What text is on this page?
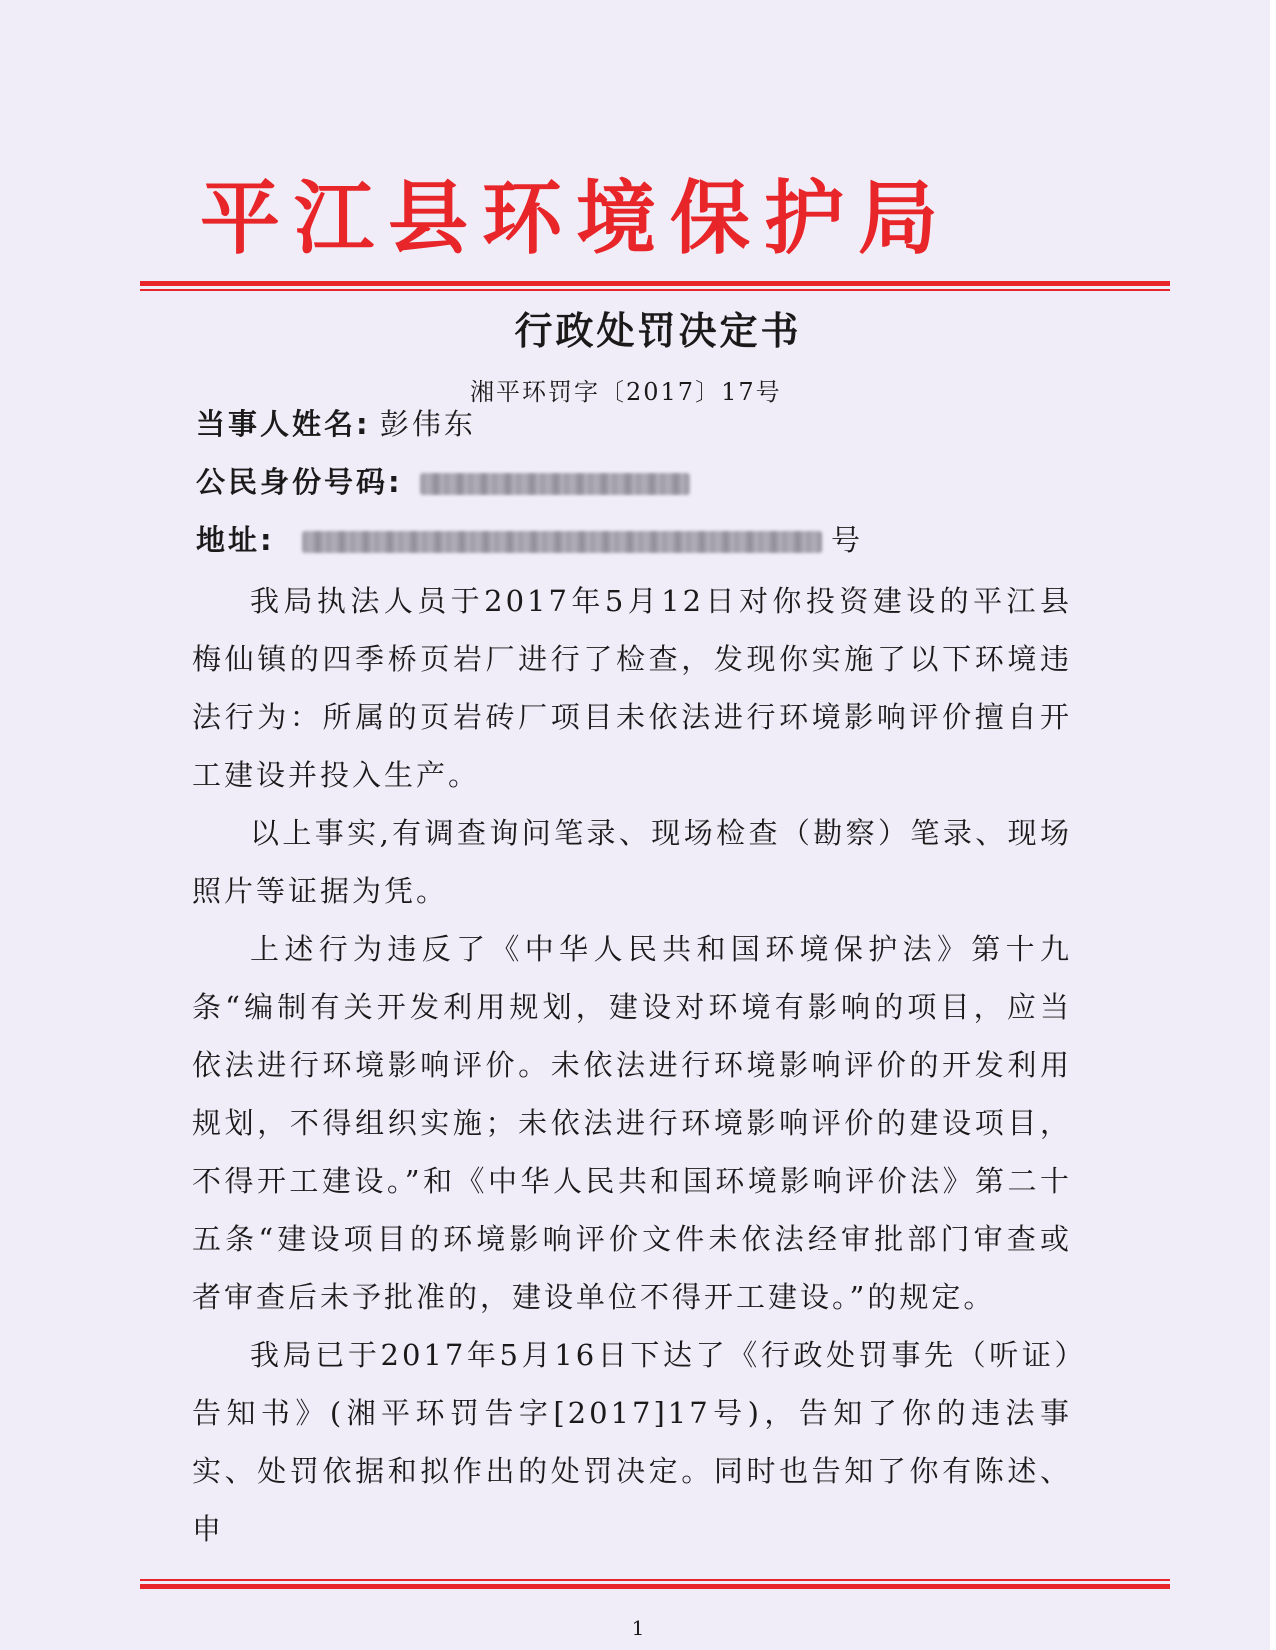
平江县环境保护局
行政处罚决定书
湘平环罚字〔2017〕17号
当事人姓名: 彭伟东
公民身份号码:
地址:	号

我局执法人员于2017年5月12日对你投资建设的平江县梅仙镇的四季桥页岩厂进行了检查，发现你实施了以下环境违法行为：所属的页岩砖厂项目未依法进行环境影响评价擅自开工建设并投入生产。

以上事实,有调查询问笔录、现场检查（勘察）笔录、现场照片等证据为凭。

上述行为违反了《中华人民共和国环境保护法》第十九条“编制有关开发利用规划，建设对环境有影响的项目，应当依法进行环境影响评价。未依法进行环境影响评价的开发利用规划，不得组织实施；未依法进行环境影响评价的建设项目，不得开工建设。”和《中华人民共和国环境影响评价法》第二十五条“建设项目的环境影响评价文件未依法经审批部门审查或者审查后未予批准的，建设单位不得开工建设。”的规定。

我局已于2017年5月16日下达了《行政处罚事先（听证）告知书》(湘平环罚告字[2017]17号)，告知了你的违法事实、处罚依据和拟作出的处罚决定。同时也告知了你有陈述、申

1
